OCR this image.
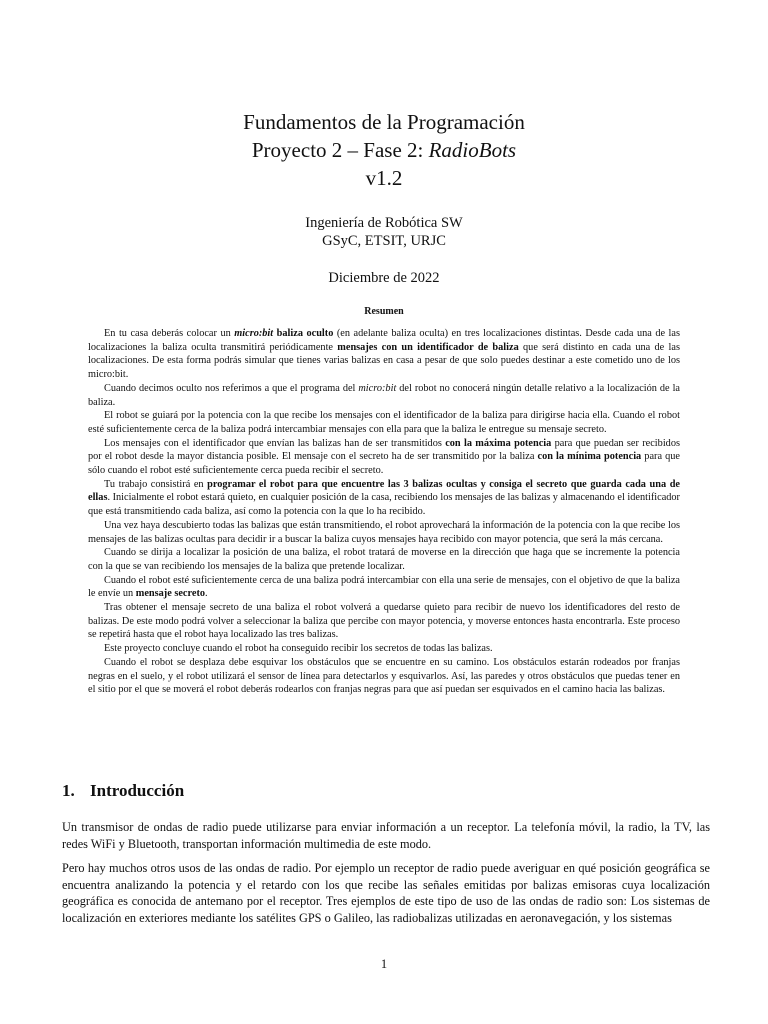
Fundamentos de la Programación

Proyecto 2 – Fase 2: RadioBots

v1.2

Ingeniería de Robótica SW
GSyC, ETSIT, URJC
Diciembre de 2022
Resumen

En tu casa deberás colocar un micro:bit baliza oculto (en adelante baliza oculta) en tres localizaciones distintas. Desde cada una de las localizaciones la baliza oculta transmitirá periódicamente mensajes con un identificador de baliza que será distinto en cada una de las localizaciones. De esta forma podrás simular que tienes varias balizas en casa a pesar de que solo puedes destinar a este cometido uno de los micro:bit.

Cuando decimos oculto nos referimos a que el programa del micro:bit del robot no conocerá ningún detalle relativo a la localización de la baliza.

El robot se guiará por la potencia con la que recibe los mensajes con el identificador de la baliza para dirigirse hacia ella. Cuando el robot esté suficientemente cerca de la baliza podrá intercambiar mensajes con ella para que la baliza le entregue su mensaje secreto.

Los mensajes con el identificador que envían las balizas han de ser transmitidos con la máxima potencia para que puedan ser recibidos por el robot desde la mayor distancia posible. El mensaje con el secreto ha de ser transmitido por la baliza con la mínima potencia para que sólo cuando el robot esté suficientemente cerca pueda recibir el secreto.

Tu trabajo consistirá en programar el robot para que encuentre las 3 balizas ocultas y consiga el secreto que guarda cada una de ellas. Inicialmente el robot estará quieto, en cualquier posición de la casa, recibiendo los mensajes de las balizas y almacenando el identificador que está transmitiendo cada baliza, así como la potencia con la que lo ha recibido.

Una vez haya descubierto todas las balizas que están transmitiendo, el robot aprovechará la información de la potencia con la que recibe los mensajes de las balizas ocultas para decidir ir a buscar la baliza cuyos mensajes haya recibido con mayor potencia, que será la más cercana.

Cuando se dirija a localizar la posición de una baliza, el robot tratará de moverse en la dirección que haga que se incremente la potencia con la que se van recibiendo los mensajes de la baliza que pretende localizar.

Cuando el robot esté suficientemente cerca de una baliza podrá intercambiar con ella una serie de mensajes, con el objetivo de que la baliza le envíe un mensaje secreto.

Tras obtener el mensaje secreto de una baliza el robot volverá a quedarse quieto para recibir de nuevo los identificadores del resto de balizas. De este modo podrá volver a seleccionar la baliza que percibe con mayor potencia, y moverse entonces hasta encontrarla. Este proceso se repetirá hasta que el robot haya localizado las tres balizas.

Este proyecto concluye cuando el robot ha conseguido recibir los secretos de todas las balizas.

Cuando el robot se desplaza debe esquivar los obstáculos que se encuentre en su camino. Los obstáculos estarán rodeados por franjas negras en el suelo, y el robot utilizará el sensor de línea para detectarlos y esquivarlos. Así, las paredes y otros obstáculos que puedas tener en el sitio por el que se moverá el robot deberás rodearlos con franjas negras para que así puedan ser esquivados en el camino hacia las balizas.

1. Introducción

Un transmisor de ondas de radio puede utilizarse para enviar información a un receptor. La telefonía móvil, la radio, la TV, las redes WiFi y Bluetooth, transportan información multimedia de este modo.

Pero hay muchos otros usos de las ondas de radio. Por ejemplo un receptor de radio puede averiguar en qué posición geográfica se encuentra analizando la potencia y el retardo con los que recibe las señales emitidas por balizas emisoras cuya localización geográfica es conocida de antemano por el receptor. Tres ejemplos de este tipo de uso de las ondas de radio son: Los sistemas de localización en exteriores mediante los satélites GPS o Galileo, las radiobalizas utilizadas en aeronavegación, y los sistemas

1
